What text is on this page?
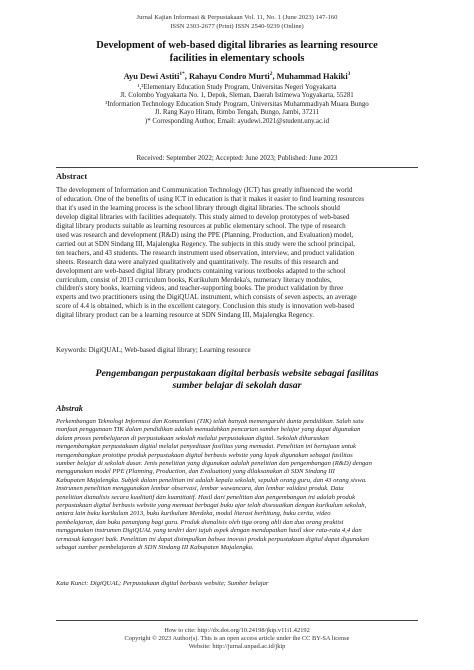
Jurnal Kajian Informasi & Perpustakaan Vol. 11, No. 1 (June 2023) 147-160
ISSN 2303-2677 (Print) ISSN 2540-9239 (Online)
Development of web-based digital libraries as learning resource
facilities in elementary schools
Ayu Dewi Astiti$^{1*}$, Rahayu Condro Murti$^2$, Muhammad Hakiki$^3$
¹,²Elementary Education Study Program, Universitas Negeri Yogyakarta
Jl. Colombo Yogyakarta No. 1, Depok, Sleman, Daerah Istimewa Yogyakarta, 55281
³Information Technology Education Study Program, Universitas Muhammadiyah Muara Bungo
Jl. Rang Kayo Hitam, Rimbo Tengah, Bungo, Jambi, 37211
)* Corresponding Author, Email: ayudewi.2021@student.uny.ac.id
Received: September 2022; Accepted: June 2023; Published: June 2023
Abstract
The development of Information and Communication Technology (ICT) has greatly influenced the world
of education. One of the benefits of using ICT in education is that it makes it easier to find learning resources
that it's used in the learning process is the school library through digital libraries. The schools should
develop digital libraries with facilities adequately. This study aimed to develop prototypes of web-based
digital library products suitable as learning resources at public elementary school. The type of research
used was research and development (R&D) using the PPE (Planning, Production, and Evaluation) model,
carried out at SDN Sindang III, Majalengka Regency. The subjects in this study were the school principal,
ten teachers, and 43 students. The research instrument used observation, interview, and product validation
sheets. Research data were analyzed qualitatively and quantitatively. The results of this research and
development are web-based digital library products containing various textbooks adapted to the school
curriculum, consist of 2013 curriculum books, Kurikulum Merdeka's, numeracy literacy modules,
children's story books, learning videos, and teacher-supporting books. The product validation by three
experts and two practitioners using the DigiQUAL instrument, which consists of seven aspects, an average
score of 4.4 is obtained, which is in the excellent category. Conclusion this study is innovation web-based
digital library product can be a learning resource at SDN Sindang III, Majalengka Regency.
Keywords: DigiQUAL; Web-based digital library; Learning resource
Pengembangan perpustakaan digital berbasis website sebagai fasilitas
sumber belajar di sekolah dasar
Abstrak
Perkembangan Teknologi Informasi dan Komunikasi (TIK) telah banyak memengaruhi dunia pendidikan. Salah satu
manfaat penggunaan TIK dalam pendidikan adalah memudahkan pencarian sumber belajar yang dapat digunakan
dalam proses pembelajaran di perpustakaan sekolah melalui perpustakaan digital. Sekolah diharuskan
mengembangkan perpustakaan digital melalui penyediaan fasilitas yang memadai. Penelitian ini bertujuan untuk
mengembangkan prototipe produk perpustakaan digital berbasis website yang layak digunakan sebagai fasilitas
sumber belajar di sekolah dasar. Jenis penelitian yang digunakan adalah penelitian dan pengembangan (R&D) dengan
menggunakan model PPE (Planning, Production, dan Evaluation) yang dilaksanakan di SDN Sindang III
Kabupaten Majalengka. Subjek dalam penelitian ini adalah kepala sekolah, sepuluh orang guru, dan 43 orang siswa.
Instrumen penelitian menggunakan lembar observasi, lembar wawancara, dan lembar validasi produk. Data
penelitian dianalisis secara kualitatif dan kuantitatif. Hasil dari penelitian dan pengembangan ini adalah produk
perpustakaan digital berbasis website yang memuat berbagai buku ajar telah disesuaikan dengan kurikulum sekolah,
antara lain buku kurikulum 2013, buku kurikulum Merdeka, modul literasi berhitung, buku cerita, video
pembelajaran, dan buku penunjang bagi guru. Produk dianalisis oleh tiga orang ahli dan dua orang praktisi
menggunakan instrumen DigiQUAL yang terdiri dari tujuh aspek dengan mendapatkan hasil skor rata-rata 4,4 dan
termasuk kategori baik. Penelitian ini dapat disimpulkan bahwa inovasi produk perpustakaan digital dapat digunakan
sebagai sumber pembelajaran di SDN Sindang III Kabupaten Majalengka.
Kata Kunci: DigiQUAL; Perpustakaan digital berbasis website; Sumber belajar
How to cite: http://dx.doi.org/10.24198/jkip.v11i1.42192
Copyright © 2023 Author(s). This is an open access article under the CC BY-SA license
Website: http://jurnal.unpad.ac.id/jkip
